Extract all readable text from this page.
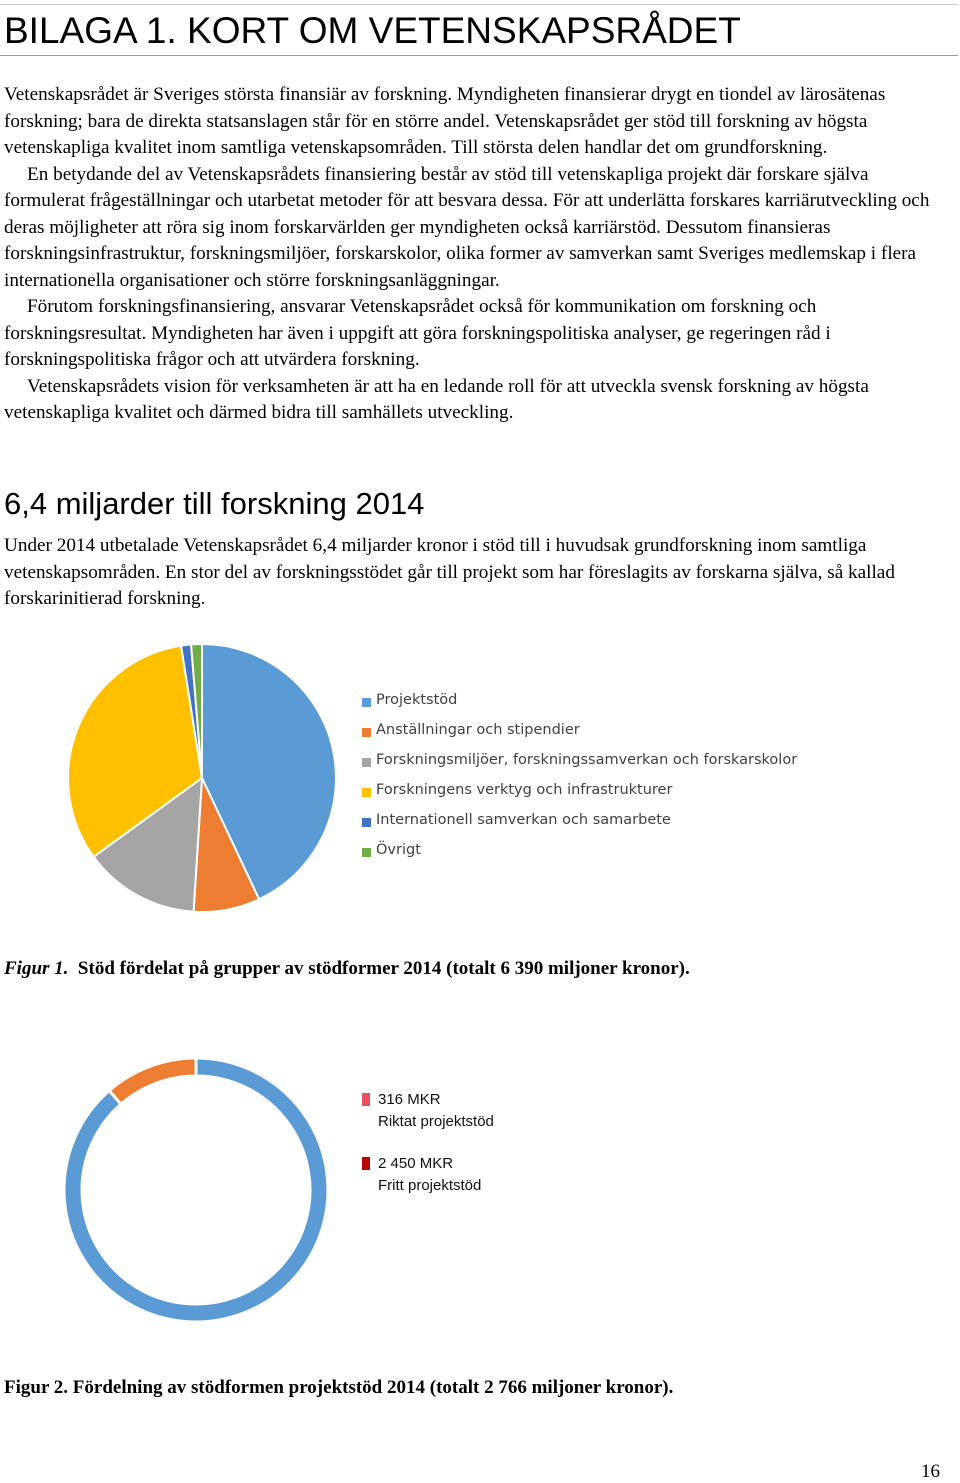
BILAGA 1. KORT OM VETENSKAPSRÅDET
Vetenskapsrådet är Sveriges största finansiär av forskning. Myndigheten finansierar drygt en tiondel av lärosätenas forskning; bara de direkta statsanslagen står för en större andel. Vetenskapsrådet ger stöd till forskning av högsta vetenskapliga kvalitet inom samtliga vetenskapsområden. Till största delen handlar det om grundforskning.
En betydande del av Vetenskapsrådets finansiering består av stöd till vetenskapliga projekt där forskare själva formulerat frågeställningar och utarbetat metoder för att besvara dessa. För att underlätta forskares karriärutveckling och deras möjligheter att röra sig inom forskarvärlden ger myndigheten också karriärstöd. Dessutom finansieras forskningsinfrastruktur, forskningsmiljöer, forskarskolor, olika former av samverkan samt Sveriges medlemskap i flera internationella organisationer och större forskningsanläggningar.
Förutom forskningsfinansiering, ansvarar Vetenskapsrådet också för kommunikation om forskning och forskningsresultat. Myndigheten har även i uppgift att göra forskningspolitiska analyser, ge regeringen råd i forskningspolitiska frågor och att utvärdera forskning.
Vetenskapsrådets vision för verksamheten är att ha en ledande roll för att utveckla svensk forskning av högsta vetenskapliga kvalitet och därmed bidra till samhällets utveckling.
6,4 miljarder till forskning 2014
Under 2014 utbetalade Vetenskapsrådet 6,4 miljarder kronor i stöd till i huvudsak grundforskning inom samtliga vetenskapsområden. En stor del av forskningsstödet går till projekt som har föreslagits av forskarna själva, så kallad forskarinitierad forskning.
Projektstöd
Anställningar och stipendier
Forskningsmiljöer, forskningssamverkan och forskarskolor
Forskningens verktyg och infrastrukturer
Internationell samverkan och samarbete
Övrigt

Figur 1. Stöd fördelat på grupper av stödformer 2014 (totalt 6 390 miljoner kronor).

316 MKR
Riktat projektstöd
2 450 MKR
Fritt projektstöd

Figur 2. Fördelning av stödformen projektstöd 2014 (totalt 2 766 miljoner kronor).

16
